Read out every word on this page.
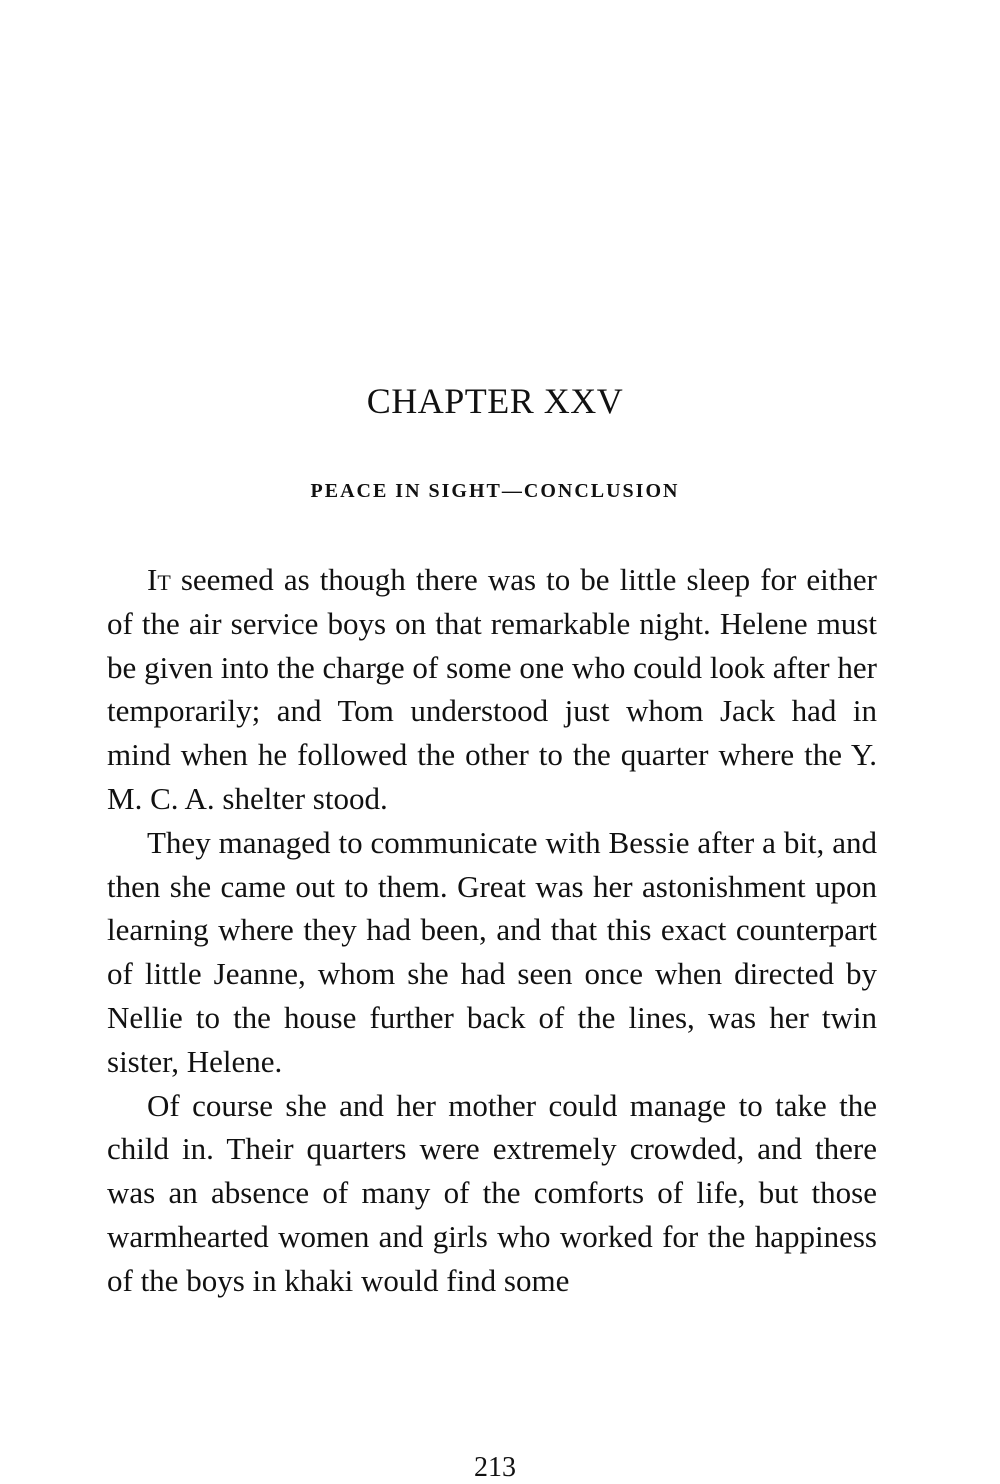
CHAPTER XXV
PEACE IN SIGHT—CONCLUSION

It seemed as though there was to be little sleep for either of the air service boys on that remarkable night. Helene must be given into the charge of some one who could look after her temporarily; and Tom understood just whom Jack had in mind when he followed the other to the quarter where the Y. M. C. A. shelter stood.

They managed to communicate with Bessie after a bit, and then she came out to them. Great was her astonishment upon learning where they had been, and that this exact counterpart of little Jeanne, whom she had seen once when directed by Nellie to the house further back of the lines, was her twin sister, Helene.

Of course she and her mother could manage to take the child in. Their quarters were extremely crowded, and there was an absence of many of the comforts of life, but those warmhearted women and girls who worked for the happiness of the boys in khaki would find some

213
